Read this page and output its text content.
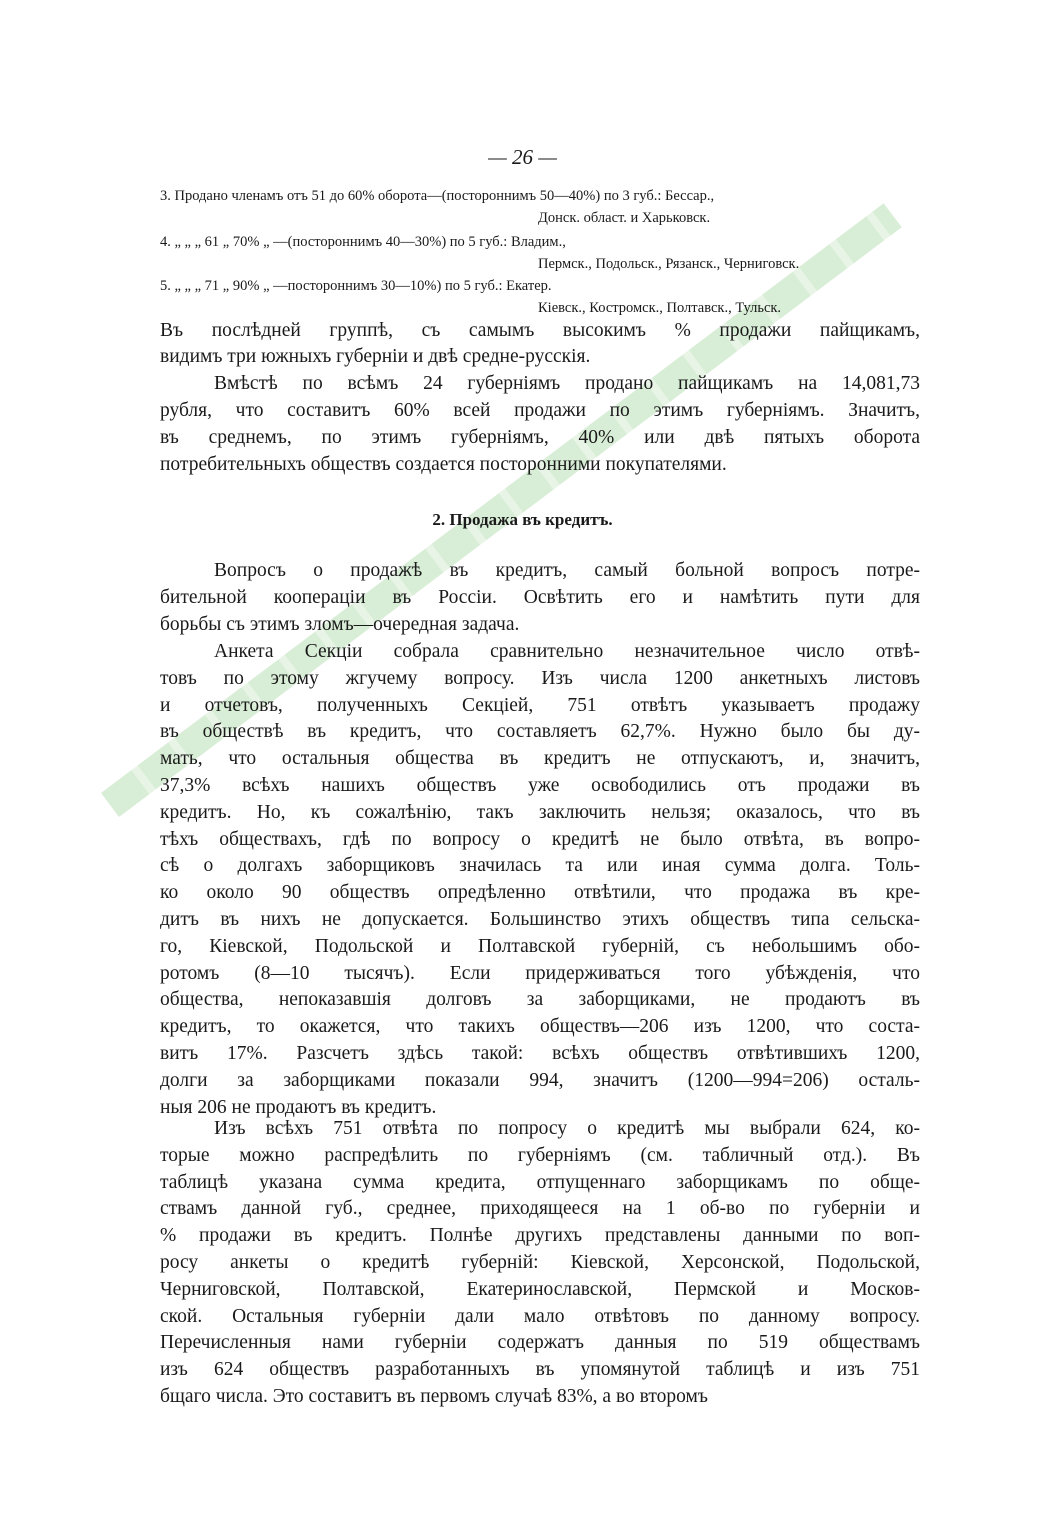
— 26 —
3. Продано членамъ отъ 51 до 60% оборота—(постороннимъ 50—40%) по 3 губ.: Бессар.,
Донск. област. и Харьковск.
4. „ „ „ 61 „ 70% „ —(постороннимъ 40—30%) по 5 губ.: Владим.,
Пермск., Подольск., Рязанск., Черниговск.
5. „ „ „ 71 „ 90% „ —постороннимъ 30—10%) по 5 губ.: Екатер.
Кіевск., Костромск., Полтавск., Тульск.
Въ послѣдней группѣ, съ самымъ высокимъ % продажи пайщикамъ,
видимъ три южныхъ губерніи и двѣ средне-русскія.
Вмѣстѣ по всѣмъ 24 губерніямъ продано пайщикамъ на 14,081,73
рубля, что составитъ 60% всей продажи по этимъ губерніямъ. Значитъ,
въ среднемъ, по этимъ губерніямъ, 40% или двѣ пятыхъ оборота
потребительныхъ обществъ создается посторонними покупателями.
Вопросъ о продажѣ въ кредитъ, самый больной вопросъ потре-
бительной коопераціи въ Россіи. Освѣтить его и намѣтить пути для
борьбы съ этимъ зломъ—очередная задача.
Анкета Секціи собрала сравнительно незначительное число отвѣ-
товъ по этому жгучему вопросу. Изъ числа 1200 анкетныхъ листовъ
и отчетовъ, полученныхъ Секціей, 751 отвѣтъ указываетъ продажу
въ обществѣ въ кредитъ, что составляетъ 62,7%. Нужно было бы ду-
мать, что остальныя общества въ кредитъ не отпускаютъ, и, значитъ,
37,3% всѣхъ нашихъ обществъ уже освободились отъ продажи въ
кредитъ. Но, къ сожалѣнію, такъ заключить нельзя; оказалось, что въ
тѣхъ обществахъ, гдѣ по вопросу о кредитѣ не было отвѣта, въ вопро-
сѣ о долгахъ заборщиковъ значилась та или иная сумма долга. Толь-
ко около 90 обществъ опредѣленно отвѣтили, что продажа въ кре-
дитъ въ нихъ не допускается. Большинство этихъ обществъ типа сельска-
го, Кіевской, Подольской и Полтавской губерній, съ небольшимъ обо-
ротомъ (8—10 тысячъ). Если придерживаться того убѣжденія, что
общества, непоказавшія долговъ за заборщиками, не продаютъ въ
кредитъ, то окажется, что такихъ обществъ—206 изъ 1200, что соста-
витъ 17%. Разсчетъ здѣсь такой: всѣхъ обществъ отвѣтившихъ 1200,
долги за заборщиками показали 994, значитъ (1200—994=206) осталь-
ныя 206 не продаютъ въ кредитъ.
Изъ всѣхъ 751 отвѣта по попросу о кредитѣ мы выбрали 624, ко-
торые можно распредѣлить по губерніямъ (см. табличный отд.). Въ
таблицѣ указана сумма кредита, отпущеннаго заборщикамъ по обще-
ствамъ данной губ., среднее, приходящееся на 1 об-во по губерніи и
% продажи въ кредитъ. Полнѣе другихъ представлены данными по воп-
росу анкеты о кредитѣ губерній: Кіевской, Херсонской, Подольской,
Черниговской, Полтавской, Екатеринославской, Пермской и Москов-
ской. Остальныя губерніи дали мало отвѣтовъ по данному вопросу.
Перечисленныя нами губерніи содержатъ данныя по 519 обществамъ
изъ 624 обществъ разработанныхъ въ упомянутой таблицѣ и изъ 751
бщаго числа. Это составитъ въ первомъ случаѣ 83%, а во второмъ
2. Продажа въ кредитъ.
